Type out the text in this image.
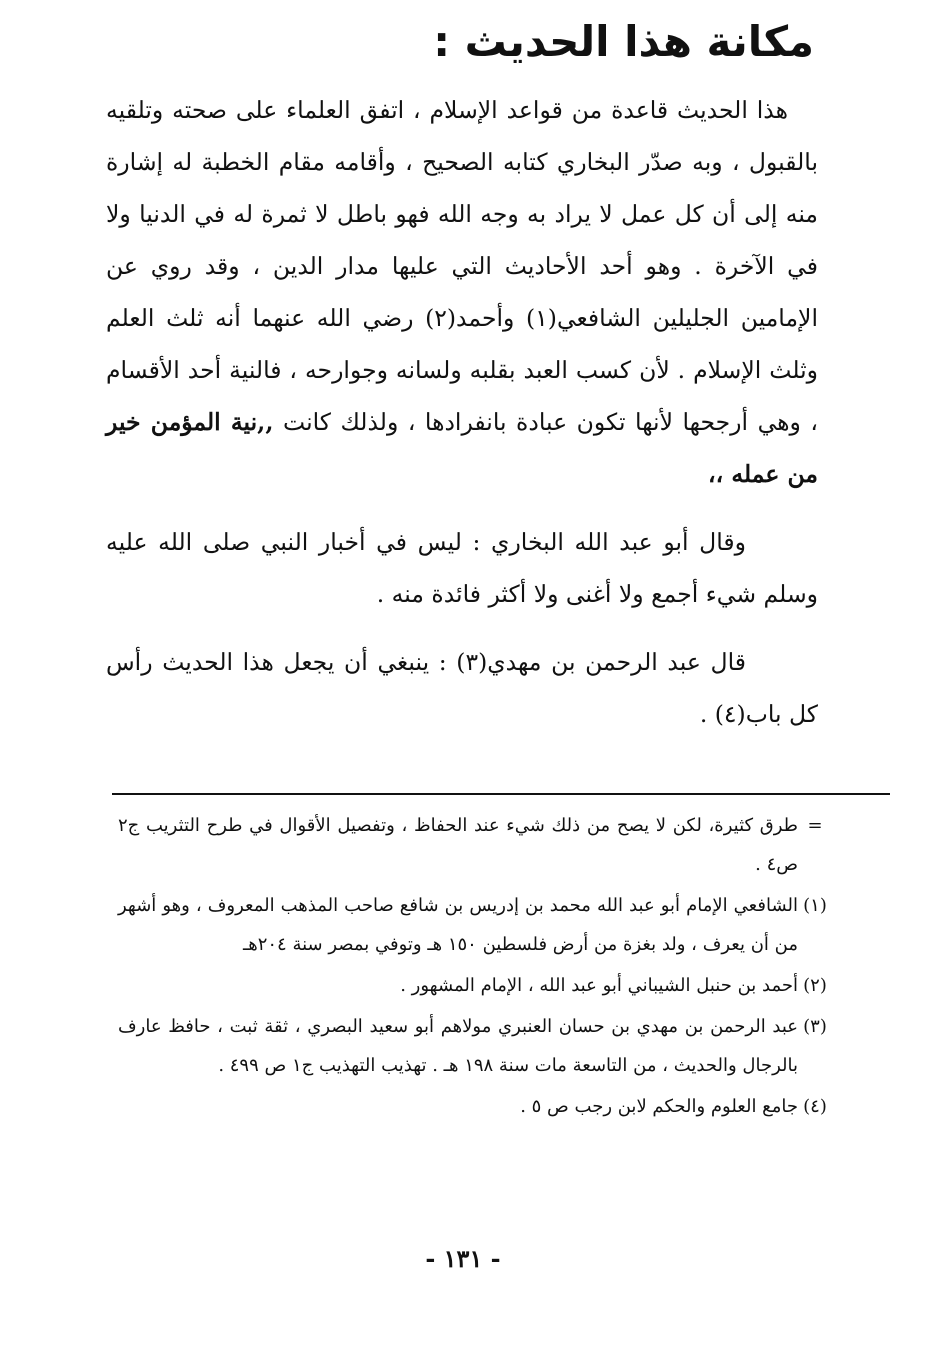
مكانة هذا الحديث :

هذا الحديث قاعدة من قواعد الإسلام ، اتفق العلماء على صحته وتلقيه بالقبول ، وبه صدّر البخاري كتابه الصحيح ، وأقامه مقام الخطبة له إشارة منه إلى أن كل عمل لا يراد به وجه الله فهو باطل لا ثمرة له في الدنيا ولا في الآخرة . وهو أحد الأحاديث التي عليها مدار الدين ، وقد روي عن الإمامين الجليلين الشافعي(١) وأحمد(٢) رضي الله عنهما أنه ثلث العلم وثلث الإسلام . لأن كسب العبد بقلبه ولسانه وجوارحه ، فالنية أحد الأقسام ، وهي أرجحها لأنها تكون عبادة بانفرادها ، ولذلك كانت ,,نية المؤمن خير من عمله ،،

وقال أبو عبد الله البخاري : ليس في أخبار النبي صلى الله عليه وسلم شيء أجمع ولا أغنى ولا أكثر فائدة منه .

قال عبد الرحمن بن مهدي(٣) : ينبغي أن يجعل هذا الحديث رأس كل باب(٤) .

=
طرق كثيرة، لكن لا يصح من ذلك شيء عند الحفاظ ، وتفصيل الأقوال في طرح التثريب ج٢ ص٤ .
(١)
الشافعي الإمام أبو عبد الله محمد بن إدريس بن شافع صاحب المذهب المعروف ، وهو أشهر من أن يعرف ، ولد بغزة من أرض فلسطين ١٥٠ هـ وتوفي بمصر سنة ٢٠٤هـ
(٢)
أحمد بن حنبل الشيباني أبو عبد الله ، الإمام المشهور .
(٣)
عبد الرحمن بن مهدي بن حسان العنبري مولاهم أبو سعيد البصري ، ثقة ثبت ، حافظ عارف بالرجال والحديث ، من التاسعة مات سنة ١٩٨ هـ . تهذيب التهذيب ج١ ص ٤٩٩ .
(٤)
جامع العلوم والحكم لابن رجب ص ٥ .
- ١٣١ -
